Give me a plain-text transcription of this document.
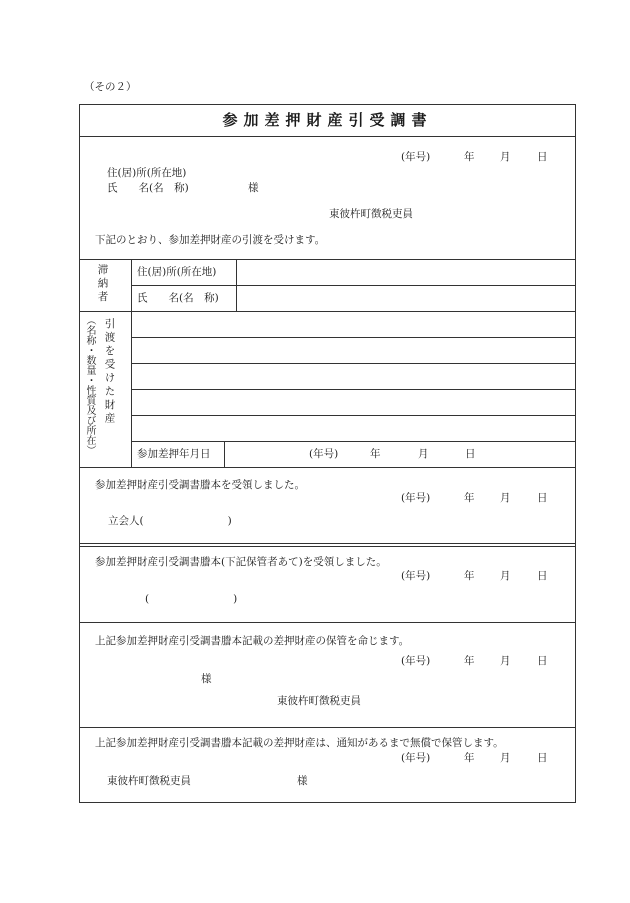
（その２）
参加差押財産引受調書
(年号)	年 月	日
住(居)所(所在地)
氏　　名(名　称)	様
東彼杵町徴税吏員
下記のとおり、参加差押財産の引渡を受けます。
滞納者	住(居)所(所在地)
氏　　名(名　称)
（名称・数量・性質及び所在） 引渡を受けた財産
参加差押年月日	(年号)	年	月	日
参加差押財産引受調書謄本を受領しました。
(年号)	年 月	日
立会人(　　　　　　　　)
参加差押財産引受調書謄本(下記保管者あて)を受領しました。
(年号)	年 月	日
(　　　　　　　　)
上記参加差押財産引受調書謄本記載の差押財産の保管を命じます。
(年号)	年 月	日
様
東彼杵町徴税吏員
上記参加差押財産引受調書謄本記載の差押財産は、通知があるまで無償で保管します。
(年号)	年 月	日
東彼杵町徴税吏員	様
